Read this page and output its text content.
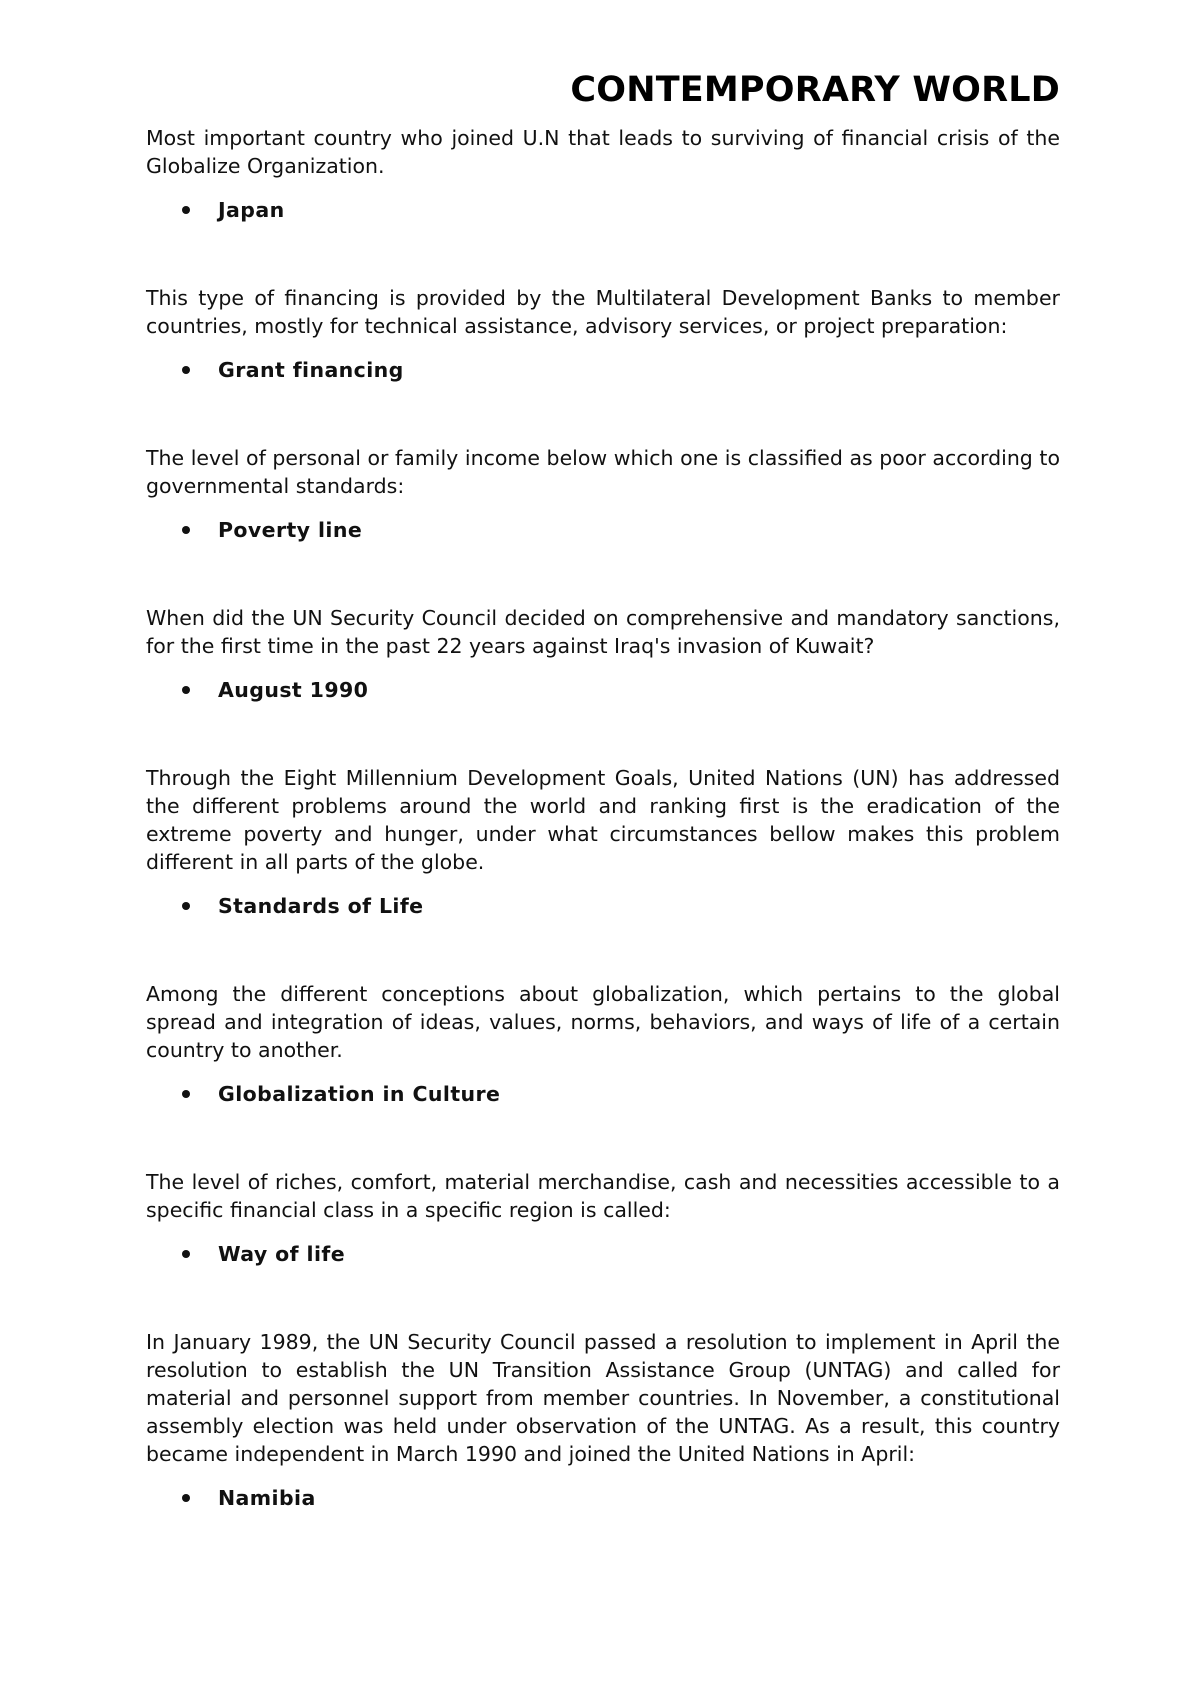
CONTEMPORARY WORLD

Most important country who joined U.N that leads to surviving of financial crisis of the Globalize Organization.

Japan

This type of financing is provided by the Multilateral Development Banks to member countries, mostly for technical assistance, advisory services, or project preparation:

Grant financing

The level of personal or family income below which one is classified as poor according to governmental standards:

Poverty line

When did the UN Security Council decided on comprehensive and mandatory sanctions, for the first time in the past 22 years against Iraq's invasion of Kuwait?

August 1990

Through the Eight Millennium Development Goals, United Nations (UN) has addressed the different problems around the world and ranking first is the eradication of the extreme poverty and hunger, under what circumstances bellow makes this problem different in all parts of the globe.

Standards of Life

Among the different conceptions about globalization, which pertains to the global spread and integration of ideas, values, norms, behaviors, and ways of life of a certain country to another.

Globalization in Culture

The level of riches, comfort, material merchandise, cash and necessities accessible to a specific financial class in a specific region is called:

Way of life

In January 1989, the UN Security Council passed a resolution to implement in April the resolution to establish the UN Transition Assistance Group (UNTAG) and called for material and personnel support from member countries. In November, a constitutional assembly election was held under observation of the UNTAG. As a result, this country became independent in March 1990 and joined the United Nations in April:

Namibia
